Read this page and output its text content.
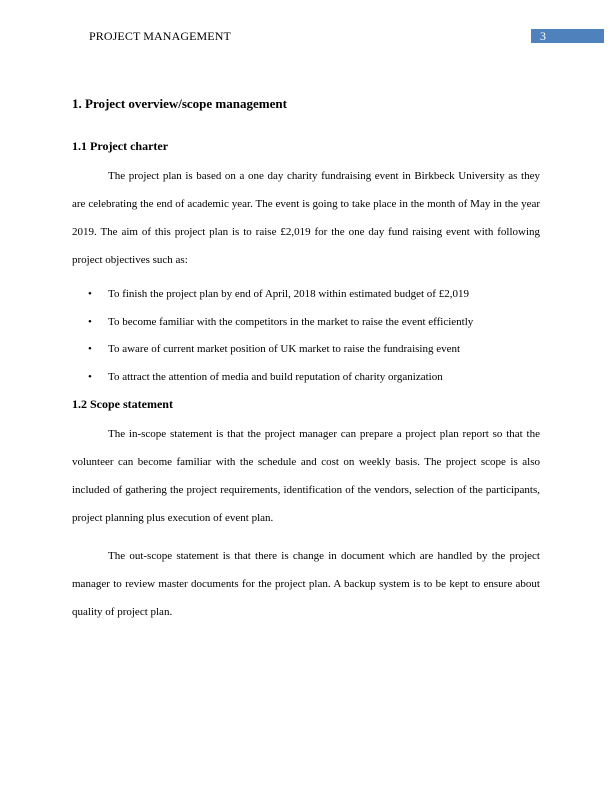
PROJECT MANAGEMENT	3
1. Project overview/scope management
1.1 Project charter

The project plan is based on a one day charity fundraising event in Birkbeck University as they are celebrating the end of academic year. The event is going to take place in the month of May in the year 2019. The aim of this project plan is to raise £2,019 for the one day fund raising event with following project objectives such as:

• To finish the project plan by end of April, 2018 within estimated budget of £2,019
• To become familiar with the competitors in the market to raise the event efficiently
• To aware of current market position of UK market to raise the fundraising event
• To attract the attention of media and build reputation of charity organization
1.2 Scope statement

The in-scope statement is that the project manager can prepare a project plan report so that the volunteer can become familiar with the schedule and cost on weekly basis. The project scope is also included of gathering the project requirements, identification of the vendors, selection of the participants, project planning plus execution of event plan.

The out-scope statement is that there is change in document which are handled by the project manager to review master documents for the project plan. A backup system is to be kept to ensure about quality of project plan.
